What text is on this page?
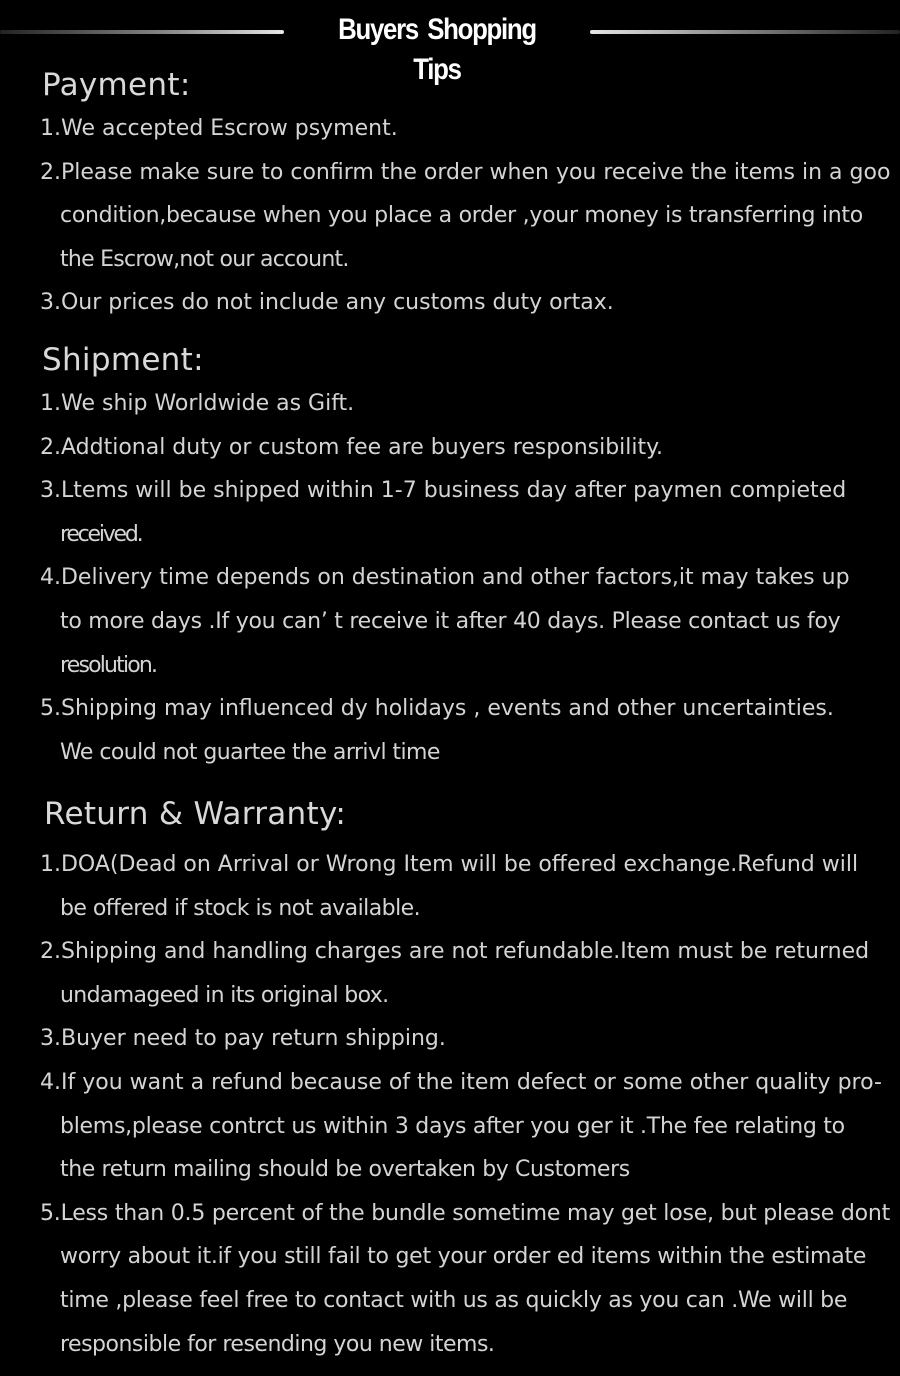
Buyers Shopping Tips
Payment:
1.We accepted Escrow psyment.
2.Please make sure to confirm the order when you receive the items in a goo
condition,because when you place a order ,your money is transferring into
the Escrow,not our account.
3.Our prices do not include any customs duty ortax.
Shipment:
1.We ship Worldwide as Gift.
2.Addtional duty or custom fee are buyers responsibility.
3.Ltems will be shipped within 1-7 business day after paymen compieted
received.
4.Delivery time depends on destination and other factors,it may takes up
to more days .If you can’ t receive it after 40 days. Please contact us foy
resolution.
5.Shipping may influenced dy holidays , events and other uncertainties.
We could not guartee the arrivl time
Return & Warranty:
1.DOA(Dead on Arrival or Wrong Item will be offered exchange.Refund will
be offered if stock is not available.
2.Shipping and handling charges are not refundable.Item must be returned
undamageed in its original box.
3.Buyer need to pay return shipping.
4.If you want a refund because of the item defect or some other quality pro-
blems,please contrct us within 3 days after you ger it .The fee relating to
the return mailing should be overtaken by Customers
5.Less than 0.5 percent of the bundle sometime may get lose, but please dont
worry about it.if you still fail to get your order ed items within the estimate
time ,please feel free to contact with us as quickly as you can .We will be
responsible for resending you new items.
